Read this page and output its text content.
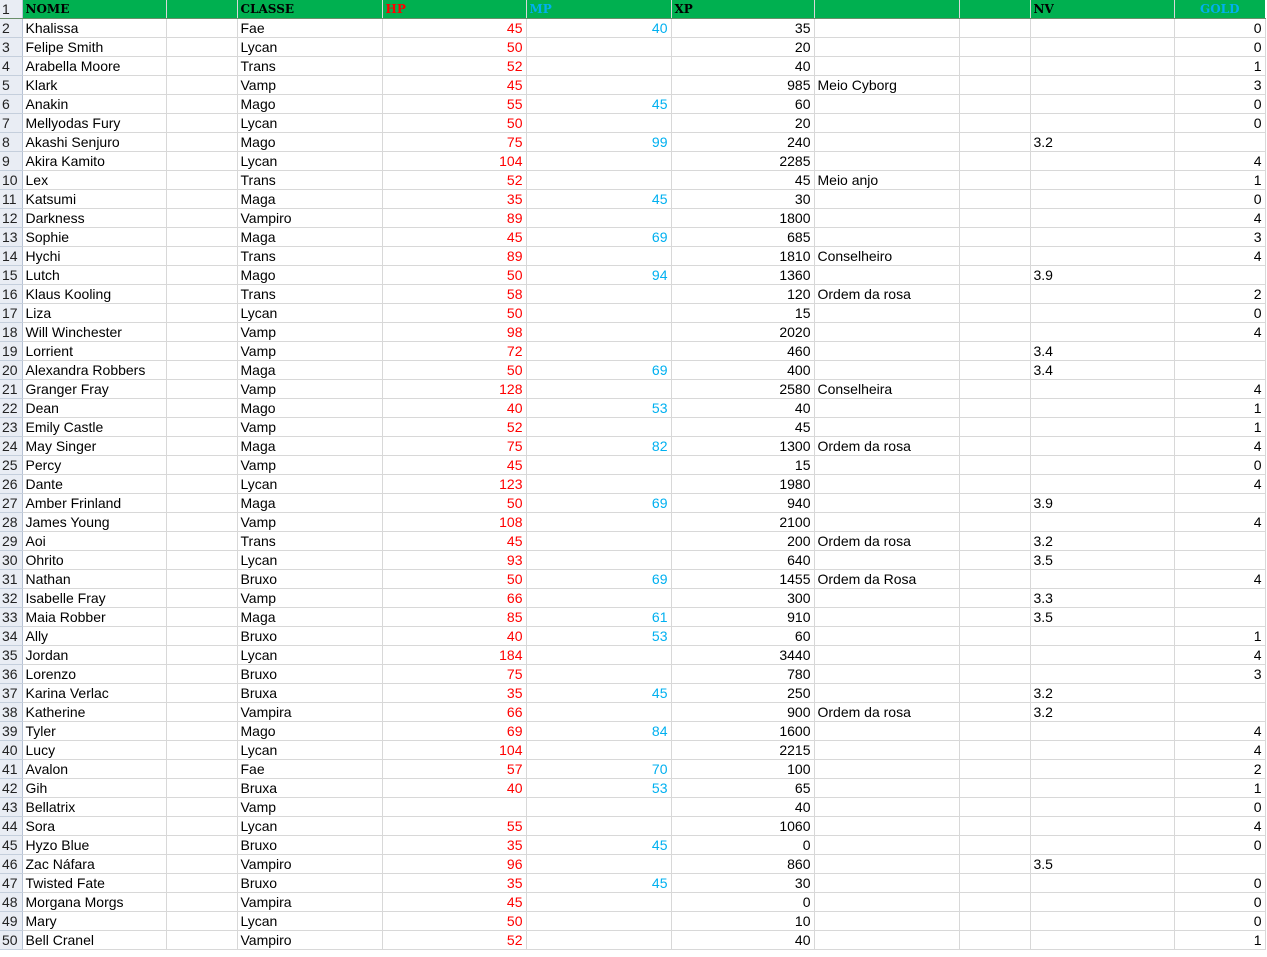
1	NOME		CLASSE	HP	MP	XP			NV	GOLD	
2	Khalissa		Fae	45	40	35				0	
3	Felipe Smith		Lycan	50		20				0	
4	Arabella Moore		Trans	52		40				1	
5	Klark		Vamp	45		985	Meio Cyborg			3	
6	Anakin		Mago	55	45	60				0	
7	Mellyodas Fury		Lycan	50		20				0	
8	Akashi Senjuro		Mago	75	99	240			3.2		
9	Akira Kamito		Lycan	104		2285				4	
10	Lex		Trans	52		45	Meio anjo			1	
11	Katsumi		Maga	35	45	30				0	
12	Darkness		Vampiro	89		1800				4	
13	Sophie		Maga	45	69	685				3	
14	Hychi		Trans	89		1810	Conselheiro			4	
15	Lutch		Mago	50	94	1360			3.9		
16	Klaus Kooling		Trans	58		120	Ordem da rosa			2	
17	Liza		Lycan	50		15				0	
18	Will Winchester		Vamp	98		2020				4	
19	Lorrient		Vamp	72		460			3.4		
20	Alexandra Robbers		Maga	50	69	400			3.4		
21	Granger Fray		Vamp	128		2580	Conselheira			4	
22	Dean		Mago	40	53	40				1	
23	Emily Castle		Vamp	52		45				1	
24	May Singer		Maga	75	82	1300	Ordem da rosa			4	
25	Percy		Vamp	45		15				0	
26	Dante		Lycan	123		1980				4	
27	Amber Frinland		Maga	50	69	940			3.9		
28	James Young		Vamp	108		2100				4	
29	Aoi		Trans	45		200	Ordem da rosa		3.2		
30	Ohrito		Lycan	93		640			3.5		
31	Nathan		Bruxo	50	69	1455	Ordem da Rosa			4	
32	Isabelle Fray		Vamp	66		300			3.3		
33	Maia Robber		Maga	85	61	910			3.5		
34	Ally		Bruxo	40	53	60				1	
35	Jordan		Lycan	184		3440				4	
36	Lorenzo		Bruxo	75		780				3	
37	Karina Verlac		Bruxa	35	45	250			3.2		
38	Katherine		Vampira	66		900	Ordem da rosa		3.2		
39	Tyler		Mago	69	84	1600				4	
40	Lucy		Lycan	104		2215				4	
41	Avalon		Fae	57	70	100				2	
42	Gih		Bruxa	40	53	65				1	
43	Bellatrix		Vamp			40				0	
44	Sora		Lycan	55		1060				4	
45	Hyzo Blue		Bruxo	35	45	0				0	
46	Zac Náfara		Vampiro	96		860			3.5		
47	Twisted Fate		Bruxo	35	45	30				0	
48	Morgana Morgs		Vampira	45		0				0	
49	Mary		Lycan	50		10				0	
50	Bell Cranel		Vampiro	52		40				1	
